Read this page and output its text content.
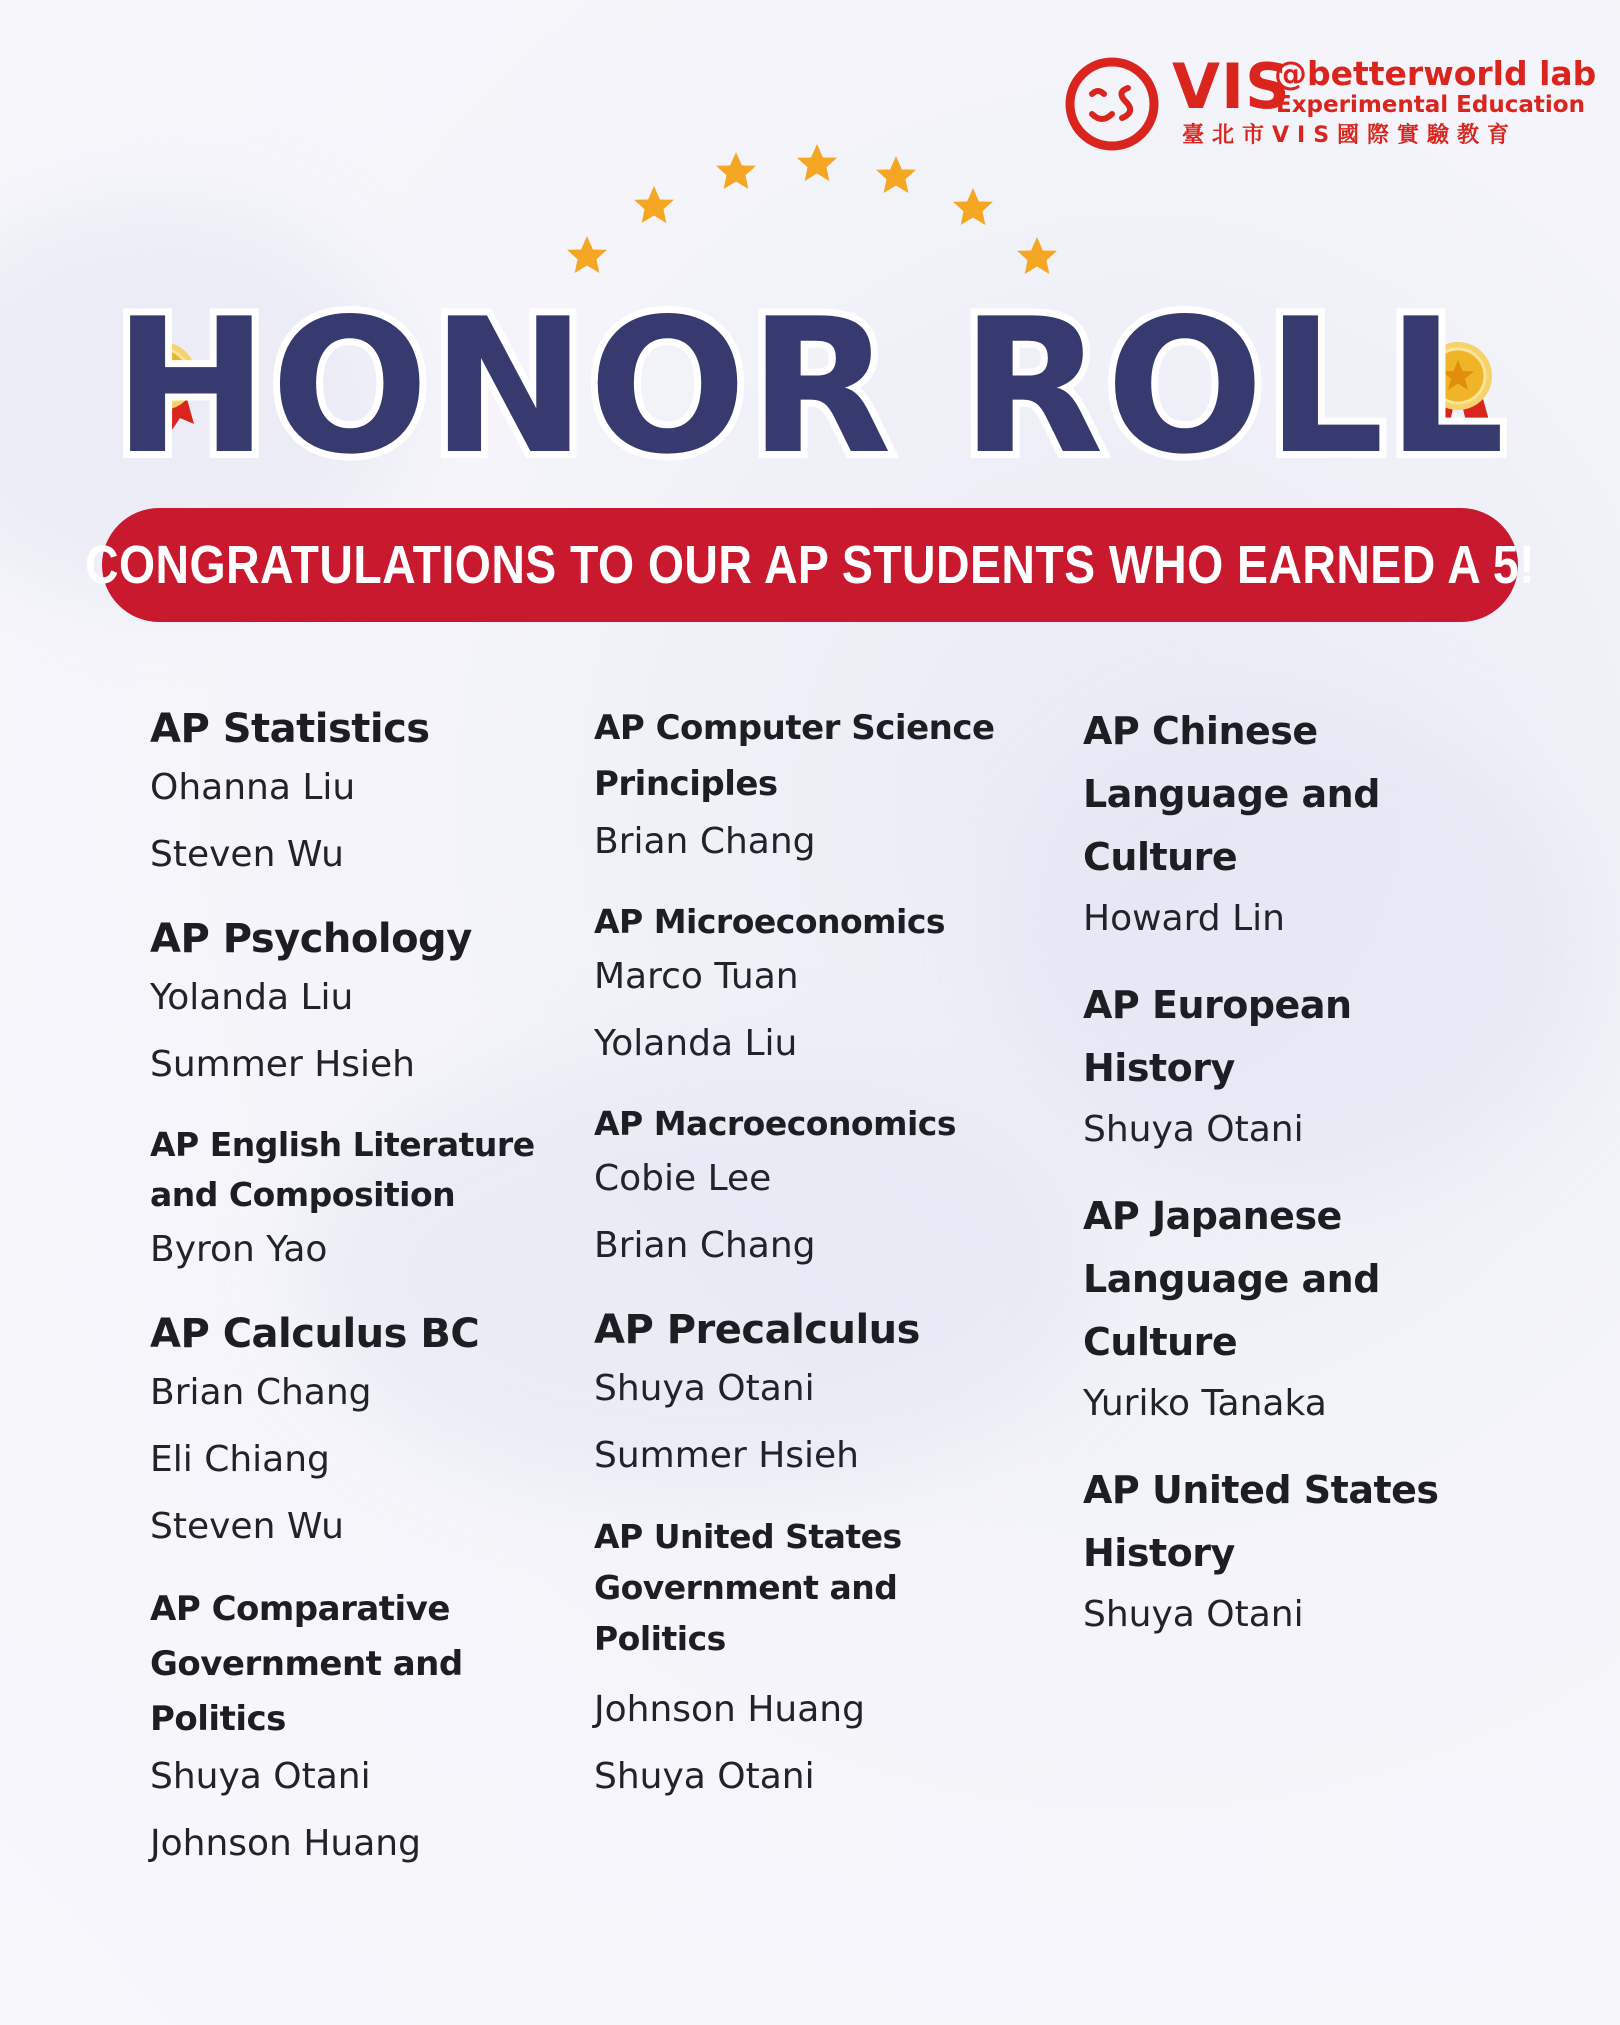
VIS
@betterworld lab
Experimental Education
臺北市VIS國際實驗教育
HONOR ROLL
CONGRATULATIONS TO OUR AP STUDENTS WHO EARNED A 5!
AP Statistics
Ohanna Liu
Steven Wu
AP Psychology
Yolanda Liu
Summer Hsieh
AP English Literature and Composition
Byron Yao
AP Calculus BC
Brian Chang
Eli Chiang
Steven Wu
AP Comparative Government and Politics
Shuya Otani
Johnson Huang
AP Computer Science Principles
Brian Chang
AP Microeconomics
Marco Tuan
Yolanda Liu
AP Macroeconomics
Cobie Lee
Brian Chang
AP Precalculus
Shuya Otani
Summer Hsieh
AP United States Government and Politics
Johnson Huang
Shuya Otani
AP Chinese Language and Culture
Howard Lin
AP European History
Shuya Otani
AP Japanese Language and Culture
Yuriko Tanaka
AP United States History
Shuya Otani
